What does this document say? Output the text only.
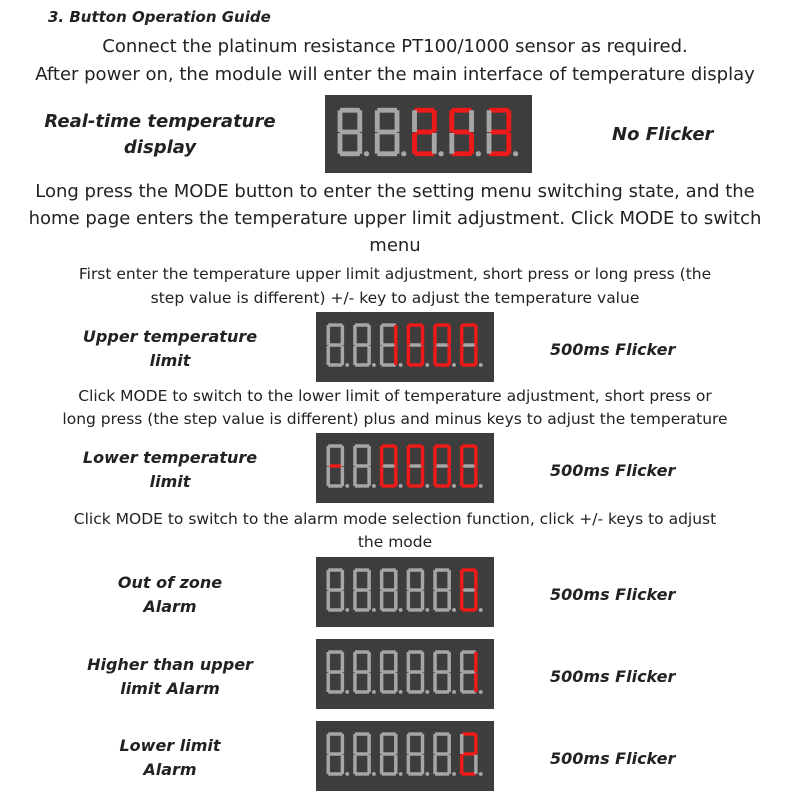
3. Button Operation Guide
Connect the platinum resistance PT100/1000 sensor as required.
After power on, the module will enter the main interface of temperature display
Real-time temperature
display
No Flicker
Long press the MODE button to enter the setting menu switching state, and the
home page enters the temperature upper limit adjustment. Click MODE to switch
menu
First enter the temperature upper limit adjustment, short press or long press (the
step value is different) +/- key to adjust the temperature value
Upper temperature
limit
500ms Flicker
Click MODE to switch to the lower limit of temperature adjustment, short press or
long press (the step value is different) plus and minus keys to adjust the temperature
Lower temperature
limit
500ms Flicker
Click MODE to switch to the alarm mode selection function, click +/- keys to adjust
the mode
Out of zone
Alarm
500ms Flicker
Higher than upper
limit Alarm
500ms Flicker
Lower limit
Alarm
500ms Flicker
